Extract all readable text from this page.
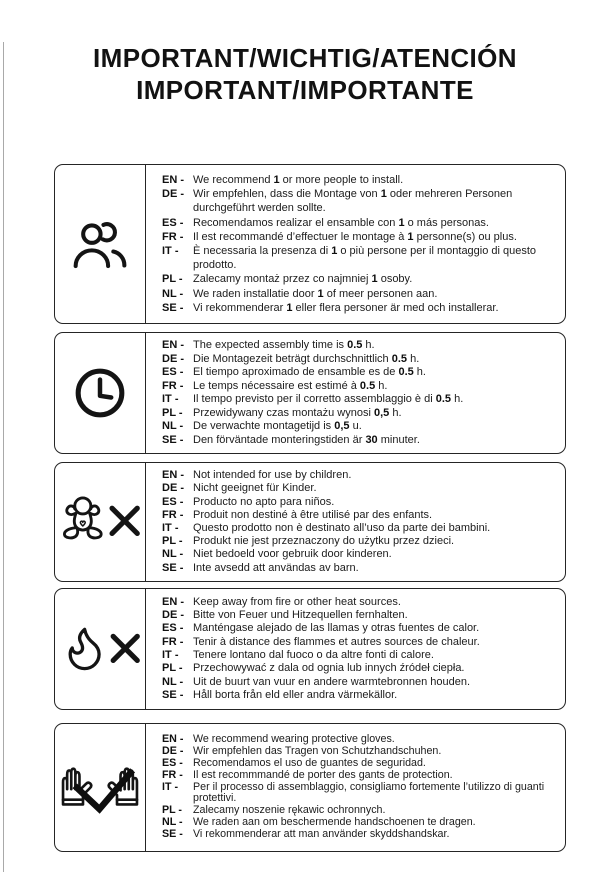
IMPORTANT/WICHTIG/ATENCIÓN
IMPORTANT/IMPORTANTE
EN - We recommend 1 or more people to install.
DE - Wir empfehlen, dass die Montage von 1 oder mehreren Personen durchgeführt werden sollte.
ES - Recomendamos realizar el ensamble con 1 o más personas.
FR - Il est recommandé d’effectuer le montage à 1 personne(s) ou plus.
IT -	È necessaria la presenza di 1 o più persone per il montaggio di questo prodotto.
PL - Zalecamy montaż przez co najmniej 1 osoby.
NL - We raden installatie door 1 of meer personen aan.
SE - Vi rekommenderar 1 eller flera personer är med och installerar.
EN - The expected assembly time is 0.5 h.
DE - Die Montagezeit beträgt durchschnittlich 0.5 h.
ES - El tiempo aproximado de ensamble es de 0.5 h.
FR - Le temps nécessaire est estimé à 0.5 h.
IT -	Il tempo previsto per il corretto assemblaggio è di 0.5 h.
PL - Przewidywany czas montażu wynosi 0,5 h.
NL - De verwachte montagetijd is 0,5 u.
SE - Den förväntade monteringstiden är 30 minuter.
EN - Not intended for use by children.
DE - Nicht geeignet für Kinder.
ES - Producto no apto para niños.
FR - Produit non destiné à être utilisé par des enfants.
IT -	Questo prodotto non è destinato all’uso da parte dei bambini.
PL - Produkt nie jest przeznaczony do użytku przez dzieci.
NL - Niet bedoeld voor gebruik door kinderen.
SE - Inte avsedd att användas av barn.
EN - Keep away from fire or other heat sources.
DE - Bitte von Feuer und Hitzequellen fernhalten.
ES - Manténgase alejado de las llamas y otras fuentes de calor.
FR - Tenir à distance des flammes et autres sources de chaleur.
IT -	Tenere lontano dal fuoco o da altre fonti di calore.
PL - Przechowywać z dala od ognia lub innych źródeł ciepła.
NL - Uit de buurt van vuur en andere warmtebronnen houden.
SE - Håll borta från eld eller andra värmekällor.
EN - We recommend wearing protective gloves.
DE - Wir empfehlen das Tragen von Schutzhandschuhen.
ES - Recomendamos el uso de guantes de seguridad.
FR - Il est recommmandé de porter des gants de protection.
IT -	Per il processo di assemblaggio, consigliamo fortemente l’utilizzo di guanti protettivi.
PL -	Zalecamy noszenie rękawic ochronnych.
NL - We raden aan om beschermende handschoenen te dragen.
SE - Vi rekommenderar att man använder skyddshandskar.
